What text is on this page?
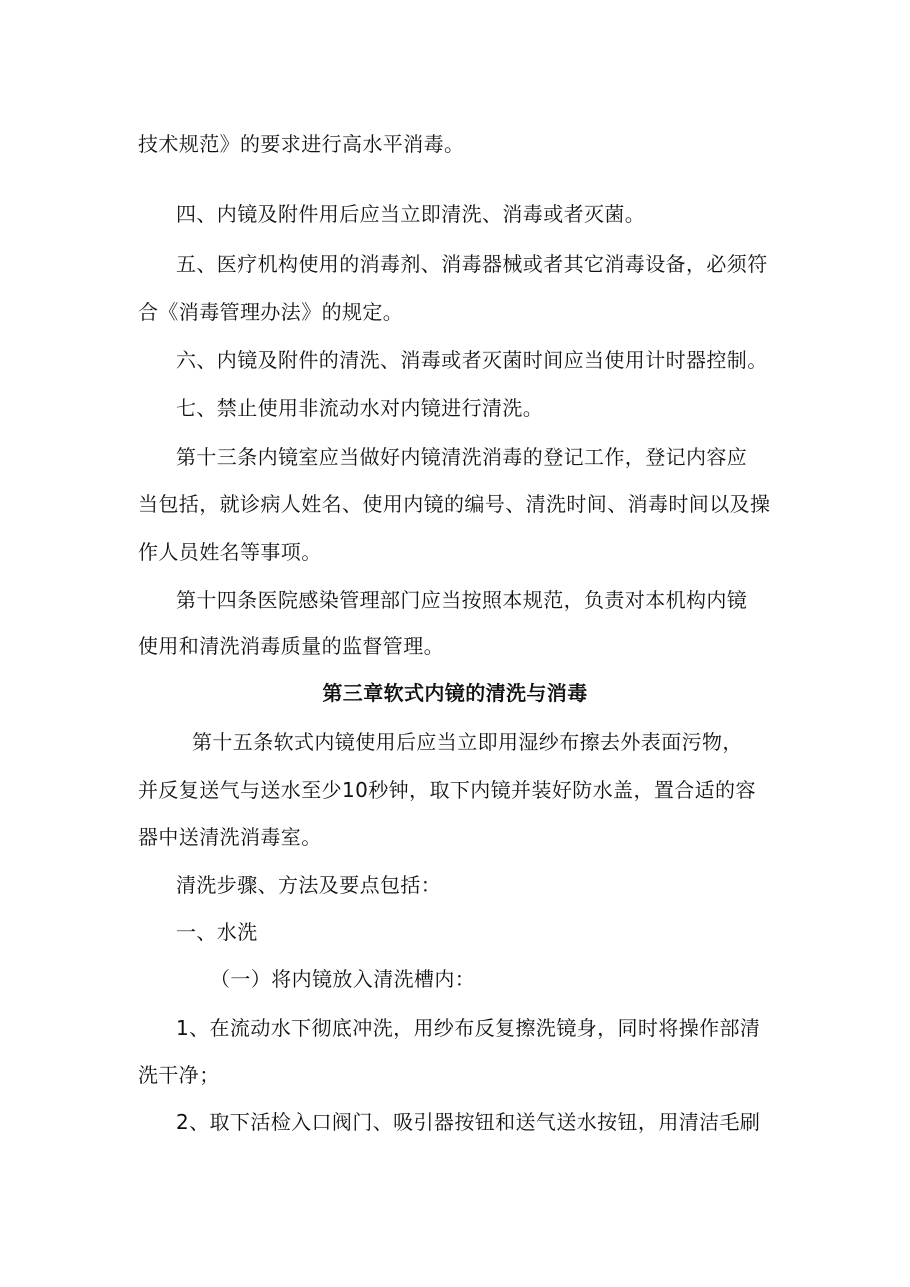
技术规范》的要求进行高水平消毒。
四、内镜及附件用后应当立即清洗、消毒或者灭菌。
五、医疗机构使用的消毒剂、消毒器械或者其它消毒设备，必须符
合《消毒管理办法》的规定。
六、内镜及附件的清洗、消毒或者灭菌时间应当使用计时器控制。
七、禁止使用非流动水对内镜进行清洗。
第十三条内镜室应当做好内镜清洗消毒的登记工作，登记内容应
当包括，就诊病人姓名、使用内镜的编号、清洗时间、消毒时间以及操
作人员姓名等事项。
第十四条医院感染管理部门应当按照本规范，负责对本机构内镜
使用和清洗消毒质量的监督管理。
第三章软式内镜的清洗与消毒
第十五条软式内镜使用后应当立即用湿纱布擦去外表面污物，
并反复送气与送水至少10秒钟，取下内镜并装好防水盖，置合适的容
器中送清洗消毒室。
清洗步骤、方法及要点包括：
一、水洗
（一）将内镜放入清洗槽内：
1、在流动水下彻底冲洗，用纱布反复擦洗镜身，同时将操作部清
洗干净；
2、取下活检入口阀门、吸引器按钮和送气送水按钮，用清洁毛刷
